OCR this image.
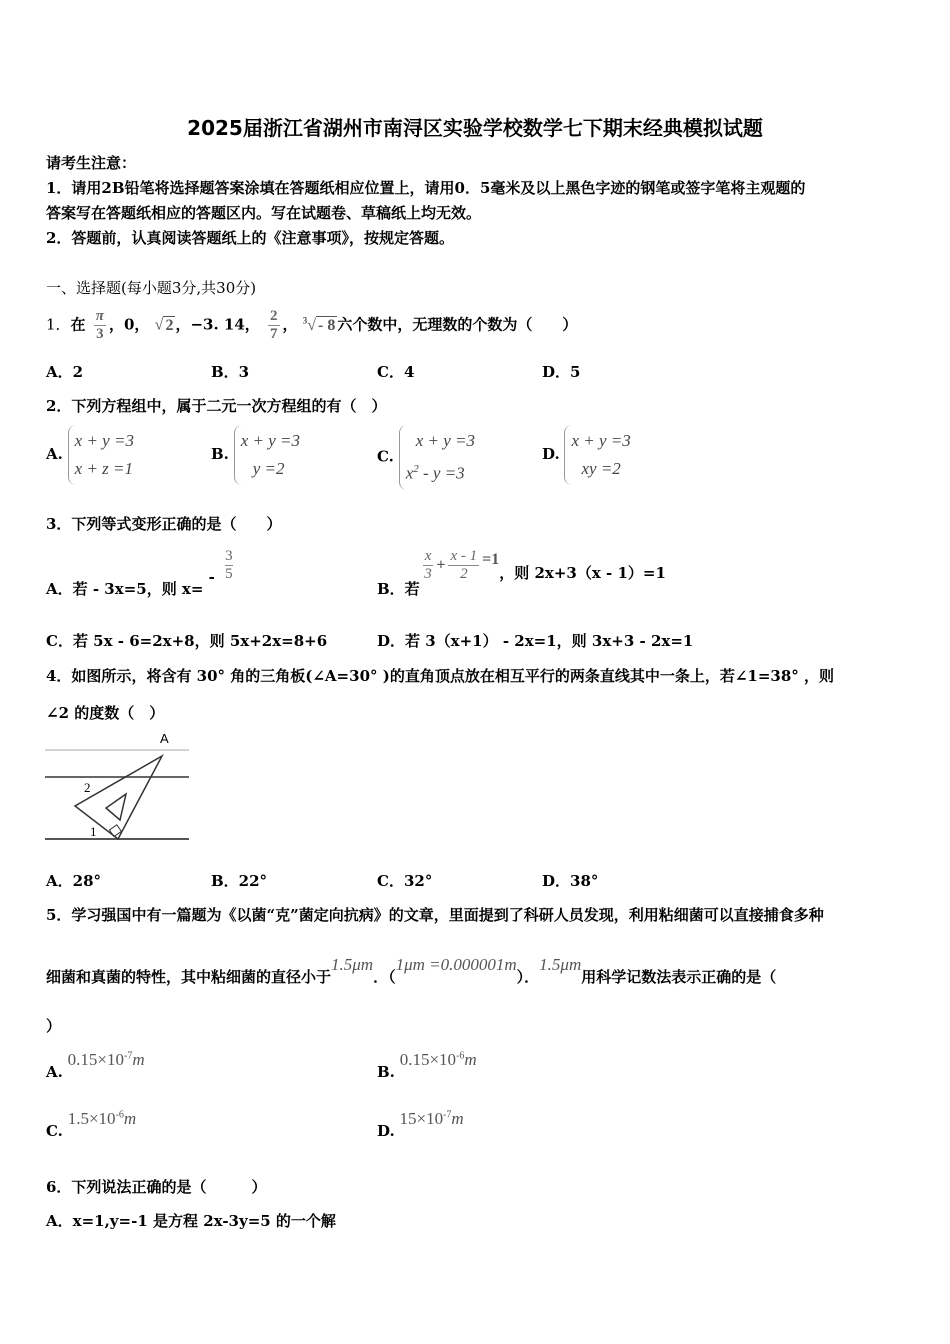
2025届浙江省湖州市南浔区实验学校数学七下期末经典模拟试题
请考生注意：
1．请用2B铅笔将选择题答案涂填在答题纸相应位置上，请用0．5毫米及以上黑色字迹的钢笔或签字笔将主观题的
答案写在答题纸相应的答题区内。写在试题卷、草稿纸上均无效。
2．答题前，认真阅读答题纸上的《注意事项》，按规定答题。
一、选择题(每小题3分,共30分)
1．在 $\frac{\pi}{3}$ ，0， √ 2 ，−3. 14， $\frac{2}{7}$ ， $^3$√ - 8 六个数中，无理数的个数为（　　）
A．2	B．3	C．4	D．5
2．下列方程组中，属于二元一次方程组的有（　）
A.
x + y =3
x + z =1
B.
x + y =3
y =2
C.
x + y =3
$x^2 - y =3$
D.
x + y =3
xy =2
3．下列等式变形正确的是（　　）
A．若 - 3x=5，则 $x= - \frac{3}{5}$
B．若
$\frac{x}{3} + \frac{x - 1}{2} =1$，则 2x+3（x - 1）=1
C．若 5x - 6=2x+8，则 5x+2x=8+6	D．若 3（x+1） - 2x=1，则 3x+3 - 2x=1
4．如图所示，将含有 30° 角的三角板(∠A=30° )的直角顶点放在相互平行的两条直线其中一条上，若∠1=38° ，则
∠2 的度数（　）
A
2
1
A．28°	B．22°	C．32°	D．38°
5．学习强国中有一篇题为《以菌“克”菌定向抗病》的文章，里面提到了科研人员发现，利用粘细菌可以直接捕食多种
细菌和真菌的特性，其中粘细菌的直径小于1.5μm．（1μm =0.000001m）．1.5μm用科学记数法表示正确的是（
）
A. $0.15\times 10^{-7}m$
B. $0.15\times 10^{-6}m$
C. $1.5\times 10^{-6}m$
D. $15\times 10^{-7}m$
6．下列说法正确的是（　　　）
A．x=1,y=-1 是方程 2x-3y=5 的一个解
